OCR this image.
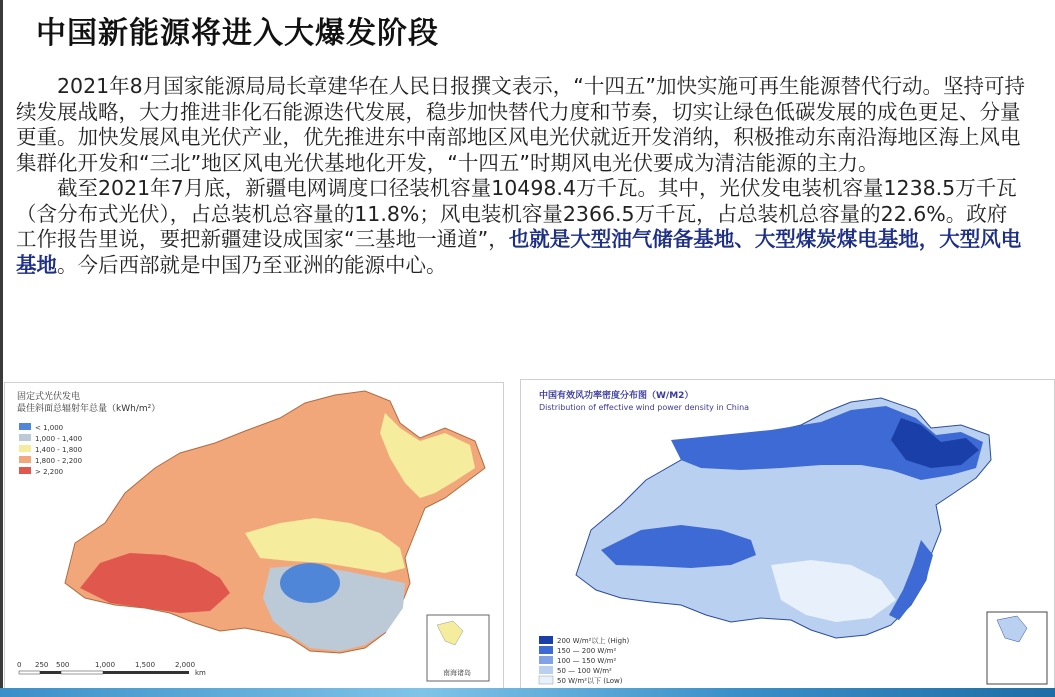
中国新能源将进入大爆发阶段

2021年8月国家能源局局长章建华在人民日报撰文表示，“十四五”加快实施可再生能源替代行动。坚持可持续发展战略，大力推进非化石能源迭代发展，稳步加快替代力度和节奏，切实让绿色低碳发展的成色更足、分量更重。加快发展风电光伏产业，优先推进东中南部地区风电光伏就近开发消纳，积极推动东南沿海地区海上风电集群化开发和“三北”地区风电光伏基地化开发，“十四五”时期风电光伏要成为清洁能源的主力。

截至2021年7月底，新疆电网调度口径装机容量10498.4万千瓦。其中，光伏发电装机容量1238.5万千瓦（含分布式光伏），占总装机总容量的11.8%；风电装机容量2366.5万千瓦，占总装机总容量的22.6%。政府工作报告里说，要把新疆建设成国家“三基地一通道”，也就是大型油气储备基地、大型煤炭煤电基地，大型风电基地。今后西部就是中国乃至亚洲的能源中心。

固定式光伏发电
最佳斜面总辐射年总量（kWh/m²）
< 1,000
1,000 - 1,400
1,400 - 1,800
1,800 - 2,200
> 2,200
0 250 500	1,000	1,500	2,000
km	南海诸岛
中国有效风功率密度分布图（W/M2）
Distribution of effective wind power density in China
200 W/m²以上 (High)
150 — 200 W/m²
100 — 150 W/m²
50 — 100 W/m²
50 W/m²以下 (Low)
